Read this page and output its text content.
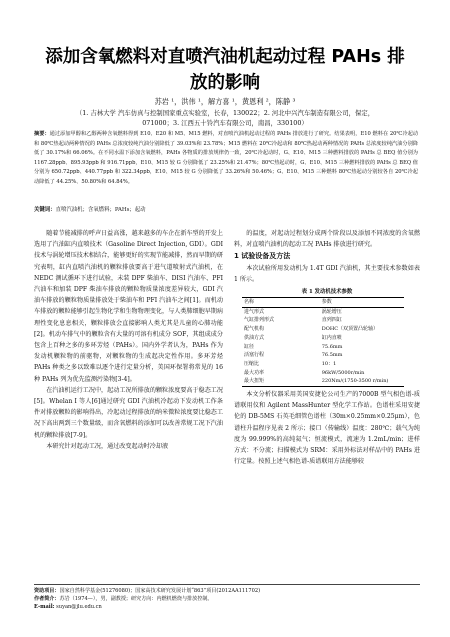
添加含氧燃料对直喷汽油机起动过程 PAHs 排放的影响
苏岩 ¹，洪伟 ¹，解方喜 ¹，黄恩利 ²，陈静 ³
（1. 吉林大学 汽车仿真与控制国家重点实验室，长春，130022；2. 河北中兴汽车制造有限公司，保定，
071000；3. 江西五十铃汽车有限公司，南昌，330100）
摘要：通过添加甲醇和乙醇两种含氧燃料得到 E10、E20 和 M5、M15 燃料，对直喷汽油机起动过程的 PAHs 排放进行了研究。结果表明，E10 燃料在 20℃冷起动和 80℃热起动两种情况的 PAHs 总浓度较纯汽油分别降低了 39.03%和 23.78%；M15 燃料在 20℃冷起动和 80℃热起动两种情况的 PAHs 总浓度较纯汽油分别降低了 30.17%和 66.06%。在不同水温下添加含氧燃料，PAHs 各物质的排放规律仍一致，20℃冷起动时，G、E10、M15 三种燃料排放的 PAHs 总 BEQ 值分别为 1167.28ppb、895.93ppb 和 916.71ppb，E10、M15 较 G 分别降低了 23.25%和 21.47%；80℃热起动时，G、E10、M15 三种燃料排放的 PAHs 总 BEQ 值分别为 650.72ppb、440.77ppb 和 322.34ppb，E10、M15 较 G 分别降低了 33.26%和 50.46%；G、E10、M15 三种燃料 80℃热起动分别较各自 20℃冷起动降低了 44.25%、50.80%和 64.84%。
关键词：直喷汽油机；含氧燃料；PAHs；起动

随着节能减排的呼声日益高涨，越来越多的车企在新车型的开发上选用了汽油缸内直喷技术（Gasoline Direct Injection, GDI）。GDI 技术与涡轮增压技术相结合，能够更好的实现节能减排，然而早期的研究表明，缸内直喷汽油机的颗粒排放要高于进气道喷射式汽油机，在 NEDC 测试循环下进行试验，未装 DPF 柴油车、DISI 汽油车、PFI 汽油车和加装 DPF 柴油车排放的颗粒物质量浓度差异较大，GDI 汽油车排放的颗粒物质量排放处于柴油车和 PFI 汽油车之间[1]。而机动车排放的颗粒能够引起生物化学和生物物理变化，与人类肺细胞早期病理性变化息息相关，颗粒排放会直接影响人类尤其是儿童的心肺功能[2]。机动车排气中的颗粒含有大量的可溶有机成分 SOF，其组成成分包含上百种之多的多环芳烃（PAHs）。国内外学者认为，PAHs 作为发动机颗粒物的前驱物，对颗粒物的生成起决定性作用。多环芳烃 PAHs 种类之多以致难以逐个进行定量分析，美国环保署将常见的 16 种 PAHs 列为优先监测污染物[3-4]。

在汽油机运行工况中，起动工况所排放的颗粒浓度要高于稳态工况[5]。Whelan I 等人[6]通过研究 GDI 汽油机冷起动下发动机工作条件对排放颗粒的影响得出，冷起动过程排放的纳米微粒浓度要比稳态工况下高出两到三个数量级，而含氧燃料的添加可以改善常规工况下汽油机的颗粒排放[7-9]。

本研究针对起动工况，通过改变起动时冷却液

的温度，对起动过程划分成两个阶段以及添加不同浓度的含氧燃料，对直喷汽油机的起动工况 PAHs 排放进行研究。

1 试验设备及方法

本次试验所用发动机为 1.4T GDI 汽油机，其主要技术参数如表 1 所示。

表 1 发动机技术参数
名称	参数
进气形式	涡轮增压
气缸排列形式	直列四缸
配气机构	DOHC（双顶置凸轮轴）
供油方式	缸内直喷
缸径	75.6mm
活塞行程	76.5mm
压缩比	10：1
最大功率	96kW/5000r/min
最大扭矩	220Nm/(1750-3500 r/min)

本文分析仪器采用美国安捷伦公司生产的7000B 型气相色谱-质谱联用仪和 Agilent MassHunter 型化学工作站。色谱柱采用安捷伦的 DB-5MS 石英毛细管色谱柱（30m×0.25mm×0.25μm），色谱柱升温程序见表 2 所示；接口（传输线）温度：280℃；载气为纯度为 99.999%的高纯氦气；恒流模式，流速为 1.2mL/min；进样方式：不分流；扫描模式为 SRM：采用外标法对样品中的 PAHs 进行定量。按照上述气相色谱-质谱联用方法能够较

资助项目：国家自然科学基金(51276080)；国家高技术研究发展计划“863”项目(2012AA111702)
作者简介：苏岩（1974—），男，副教授；研究方向：内燃机燃烧与排放控制。
E-mail: suyan@jlu.edu.cn
